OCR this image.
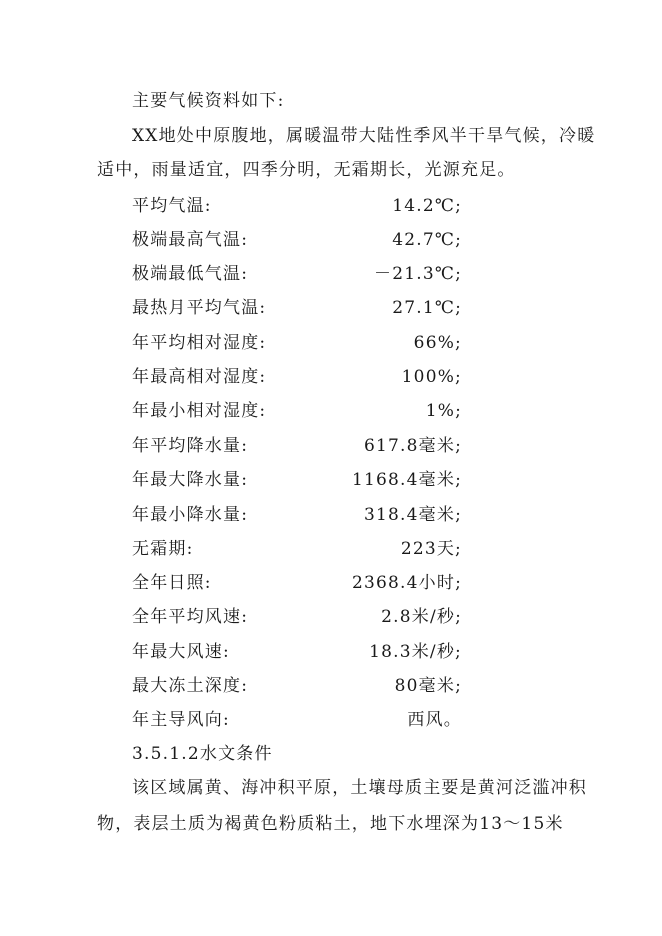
主要气候资料如下:
XX地处中原腹地，属暖温带大陆性季风半干旱气候，冷暖
适中，雨量适宜，四季分明，无霜期长，光源充足。
平均气温:	14.2℃;
极端最高气温:	42.7℃;
极端最低气温:	－21.3℃;
最热月平均气温:	27.1℃;
年平均相对湿度:	66%;
年最高相对湿度:	100%;
年最小相对湿度:	1%;
年平均降水量:	617.8毫米;
年最大降水量:	1168.4毫米;
年最小降水量:	318.4毫米;
无霜期:	223天;
全年日照:	2368.4小时;
全年平均风速:	2.8米/秒;
年最大风速:	18.3米/秒;
最大冻土深度:	80毫米;
年主导风向:	西风。
3.5.1.2水文条件
该区域属黄、海冲积平原，土壤母质主要是黄河泛滥冲积
物，表层土质为褐黄色粉质粘土，地下水埋深为13～15米
